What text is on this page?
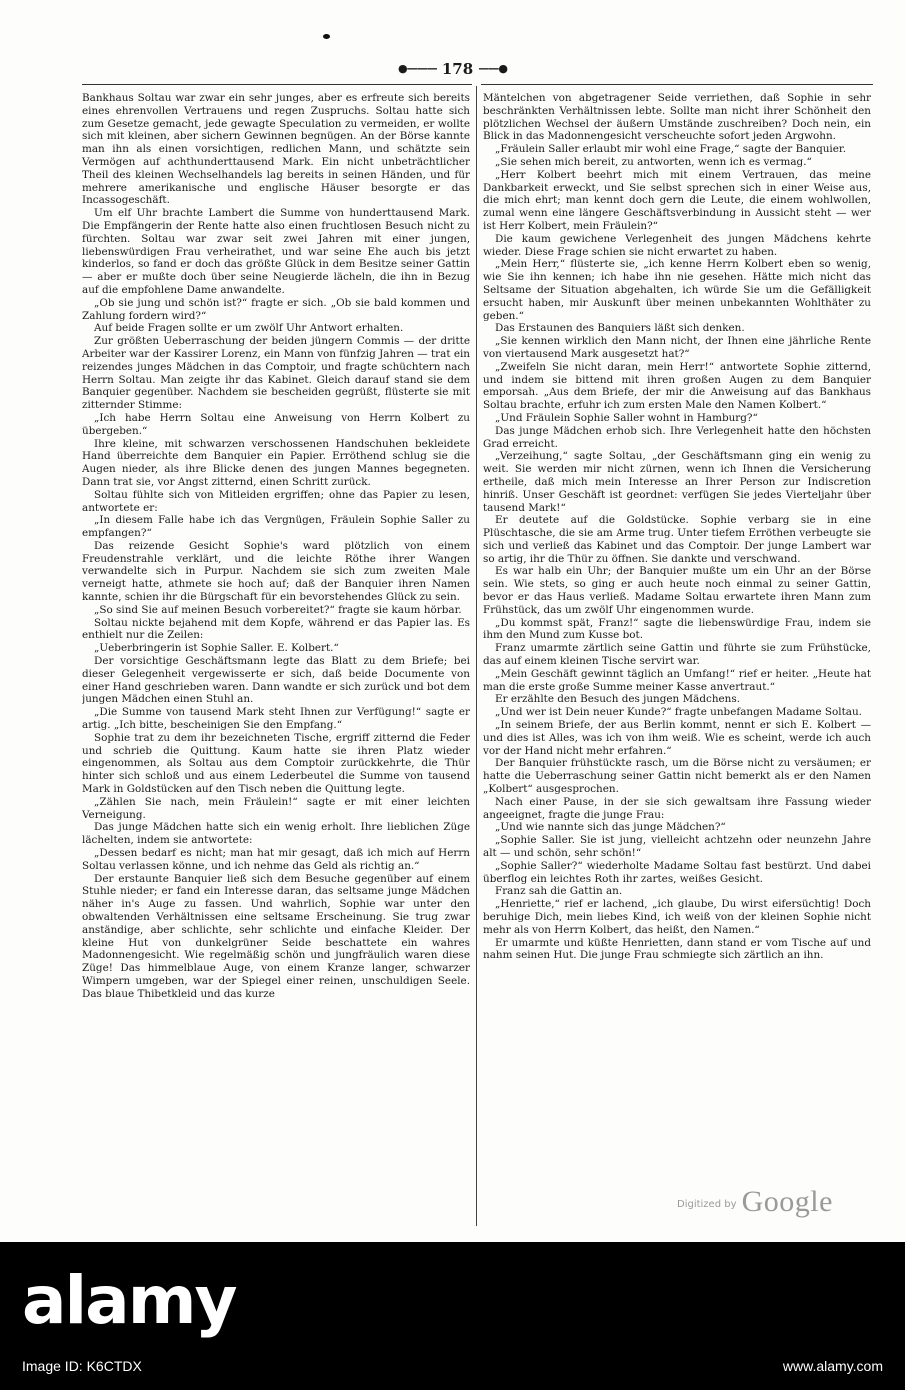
●——— 178 ——●

Bankhaus Soltau war zwar ein sehr junges, aber es erfreute sich bereits eines ehrenvollen Vertrauens und regen Zuspruchs. Soltau hatte sich zum Gesetze gemacht, jede gewagte Speculation zu vermeiden, er wollte sich mit kleinen, aber sichern Gewinnen begnügen. An der Börse kannte man ihn als einen vorsichtigen, redlichen Mann, und schätzte sein Vermögen auf achthunderttausend Mark. Ein nicht unbeträchtlicher Theil des kleinen Wechselhandels lag bereits in seinen Händen, und für mehrere amerikanische und englische Häuser besorgte er das Incassogeschäft.

Um elf Uhr brachte Lambert die Summe von hunderttausend Mark. Die Empfängerin der Rente hatte also einen fruchtlosen Besuch nicht zu fürchten. Soltau war zwar seit zwei Jahren mit einer jungen, liebenswürdigen Frau verheirathet, und war seine Ehe auch bis jetzt kinderlos, so fand er doch das größte Glück in dem Besitze seiner Gattin — aber er mußte doch über seine Neugierde lächeln, die ihn in Bezug auf die empfohlene Dame anwandelte.

„Ob sie jung und schön ist?“ fragte er sich. „Ob sie bald kommen und Zahlung fordern wird?“

Auf beide Fragen sollte er um zwölf Uhr Antwort erhalten.

Zur größten Ueberraschung der beiden jüngern Commis — der dritte Arbeiter war der Kassirer Lorenz, ein Mann von fünfzig Jahren — trat ein reizendes junges Mädchen in das Comptoir, und fragte schüchtern nach Herrn Soltau. Man zeigte ihr das Kabinet. Gleich darauf stand sie dem Banquier gegenüber. Nachdem sie bescheiden gegrüßt, flüsterte sie mit zitternder Stimme:

„Ich habe Herrn Soltau eine Anweisung von Herrn Kolbert zu übergeben.“

Ihre kleine, mit schwarzen verschossenen Handschuhen bekleidete Hand überreichte dem Banquier ein Papier. Erröthend schlug sie die Augen nieder, als ihre Blicke denen des jungen Mannes begegneten. Dann trat sie, vor Angst zitternd, einen Schritt zurück.

Soltau fühlte sich von Mitleiden ergriffen; ohne das Papier zu lesen, antwortete er:

„In diesem Falle habe ich das Vergnügen, Fräulein Sophie Saller zu empfangen?“

Das reizende Gesicht Sophie's ward plötzlich von einem Freudenstrahle verklärt, und die leichte Röthe ihrer Wangen verwandelte sich in Purpur. Nachdem sie sich zum zweiten Male verneigt hatte, athmete sie hoch auf; daß der Banquier ihren Namen kannte, schien ihr die Bürgschaft für ein bevorstehendes Glück zu sein.

„So sind Sie auf meinen Besuch vorbereitet?“ fragte sie kaum hörbar.

Soltau nickte bejahend mit dem Kopfe, während er das Papier las. Es enthielt nur die Zeilen:

„Ueberbringerin ist Sophie Saller. E. Kolbert.“

Der vorsichtige Geschäftsmann legte das Blatt zu dem Briefe; bei dieser Gelegenheit vergewisserte er sich, daß beide Documente von einer Hand geschrieben waren. Dann wandte er sich zurück und bot dem jungen Mädchen einen Stuhl an.

„Die Summe von tausend Mark steht Ihnen zur Verfügung!“ sagte er artig. „Ich bitte, bescheinigen Sie den Empfang.“

Sophie trat zu dem ihr bezeichneten Tische, ergriff zitternd die Feder und schrieb die Quittung. Kaum hatte sie ihren Platz wieder eingenommen, als Soltau aus dem Comptoir zurückkehrte, die Thür hinter sich schloß und aus einem Lederbeutel die Summe von tausend Mark in Goldstücken auf den Tisch neben die Quittung legte.

„Zählen Sie nach, mein Fräulein!“ sagte er mit einer leichten Verneigung.

Das junge Mädchen hatte sich ein wenig erholt. Ihre lieblichen Züge lächelten, indem sie antwortete:

„Dessen bedarf es nicht; man hat mir gesagt, daß ich mich auf Herrn Soltau verlassen könne, und ich nehme das Geld als richtig an.“

Der erstaunte Banquier ließ sich dem Besuche gegenüber auf einem Stuhle nieder; er fand ein Interesse daran, das seltsame junge Mädchen näher in's Auge zu fassen. Und wahrlich, Sophie war unter den obwaltenden Verhältnissen eine seltsame Erscheinung. Sie trug zwar anständige, aber schlichte, sehr schlichte und einfache Kleider. Der kleine Hut von dunkelgrüner Seide beschattete ein wahres Madonnengesicht. Wie regelmäßig schön und jungfräulich waren diese Züge! Das himmelblaue Auge, von einem Kranze langer, schwarzer Wimpern umgeben, war der Spiegel einer reinen, unschuldigen Seele. Das blaue Thibetkleid und das kurze

Mäntelchen von abgetragener Seide verriethen, daß Sophie in sehr beschränkten Verhältnissen lebte. Sollte man nicht ihrer Schönheit den plötzlichen Wechsel der äußern Umstände zuschreiben? Doch nein, ein Blick in das Madonnengesicht verscheuchte sofort jeden Argwohn.

„Fräulein Saller erlaubt mir wohl eine Frage,“ sagte der Banquier.

„Sie sehen mich bereit, zu antworten, wenn ich es vermag.“

„Herr Kolbert beehrt mich mit einem Vertrauen, das meine Dankbarkeit erweckt, und Sie selbst sprechen sich in einer Weise aus, die mich ehrt; man kennt doch gern die Leute, die einem wohlwollen, zumal wenn eine längere Geschäftsverbindung in Aussicht steht — wer ist Herr Kolbert, mein Fräulein?“

Die kaum gewichene Verlegenheit des jungen Mädchens kehrte wieder. Diese Frage schien sie nicht erwartet zu haben.

„Mein Herr,“ flüsterte sie, „ich kenne Herrn Kolbert eben so wenig, wie Sie ihn kennen; ich habe ihn nie gesehen. Hätte mich nicht das Seltsame der Situation abgehalten, ich würde Sie um die Gefälligkeit ersucht haben, mir Auskunft über meinen unbekannten Wohlthäter zu geben.“

Das Erstaunen des Banquiers läßt sich denken.

„Sie kennen wirklich den Mann nicht, der Ihnen eine jährliche Rente von viertausend Mark ausgesetzt hat?“

„Zweifeln Sie nicht daran, mein Herr!“ antwortete Sophie zitternd, und indem sie bittend mit ihren großen Augen zu dem Banquier emporsah. „Aus dem Briefe, der mir die Anweisung auf das Bankhaus Soltau brachte, erfuhr ich zum ersten Male den Namen Kolbert.“

„Und Fräulein Sophie Saller wohnt in Hamburg?“

Das junge Mädchen erhob sich. Ihre Verlegenheit hatte den höchsten Grad erreicht.

„Verzeihung,“ sagte Soltau, „der Geschäftsmann ging ein wenig zu weit. Sie werden mir nicht zürnen, wenn ich Ihnen die Versicherung ertheile, daß mich mein Interesse an Ihrer Person zur Indiscretion hinriß. Unser Geschäft ist geordnet: verfügen Sie jedes Vierteljahr über tausend Mark!“

Er deutete auf die Goldstücke. Sophie verbarg sie in eine Plüschtasche, die sie am Arme trug. Unter tiefem Erröthen verbeugte sie sich und verließ das Kabinet und das Comptoir. Der junge Lambert war so artig, ihr die Thür zu öffnen. Sie dankte und verschwand.

Es war halb ein Uhr; der Banquier mußte um ein Uhr an der Börse sein. Wie stets, so ging er auch heute noch einmal zu seiner Gattin, bevor er das Haus verließ. Madame Soltau erwartete ihren Mann zum Frühstück, das um zwölf Uhr eingenommen wurde.

„Du kommst spät, Franz!“ sagte die liebenswürdige Frau, indem sie ihm den Mund zum Kusse bot.

Franz umarmte zärtlich seine Gattin und führte sie zum Frühstücke, das auf einem kleinen Tische servirt war.

„Mein Geschäft gewinnt täglich an Umfang!“ rief er heiter. „Heute hat man die erste große Summe meiner Kasse anvertraut.“

Er erzählte den Besuch des jungen Mädchens.

„Und wer ist Dein neuer Kunde?“ fragte unbefangen Madame Soltau.

„In seinem Briefe, der aus Berlin kommt, nennt er sich E. Kolbert — und dies ist Alles, was ich von ihm weiß. Wie es scheint, werde ich auch vor der Hand nicht mehr erfahren.“

Der Banquier frühstückte rasch, um die Börse nicht zu versäumen; er hatte die Ueberraschung seiner Gattin nicht bemerkt als er den Namen „Kolbert“ ausgesprochen.

Nach einer Pause, in der sie sich gewaltsam ihre Fassung wieder angeeignet, fragte die junge Frau:

„Und wie nannte sich das junge Mädchen?“

„Sophie Saller. Sie ist jung, vielleicht achtzehn oder neunzehn Jahre alt — und schön, sehr schön!“

„Sophie Saller?“ wiederholte Madame Soltau fast bestürzt. Und dabei überflog ein leichtes Roth ihr zartes, weißes Gesicht.

Franz sah die Gattin an.

„Henriette,“ rief er lachend, „ich glaube, Du wirst eifersüchtig! Doch beruhige Dich, mein liebes Kind, ich weiß von der kleinen Sophie nicht mehr als von Herrn Kolbert, das heißt, den Namen.“

Er umarmte und küßte Henrietten, dann stand er vom Tische auf und nahm seinen Hut. Die junge Frau schmiegte sich zärtlich an ihn.

$^{Digitized by}$ Google
alamy
Image ID: K6CTDX	www.alamy.com
